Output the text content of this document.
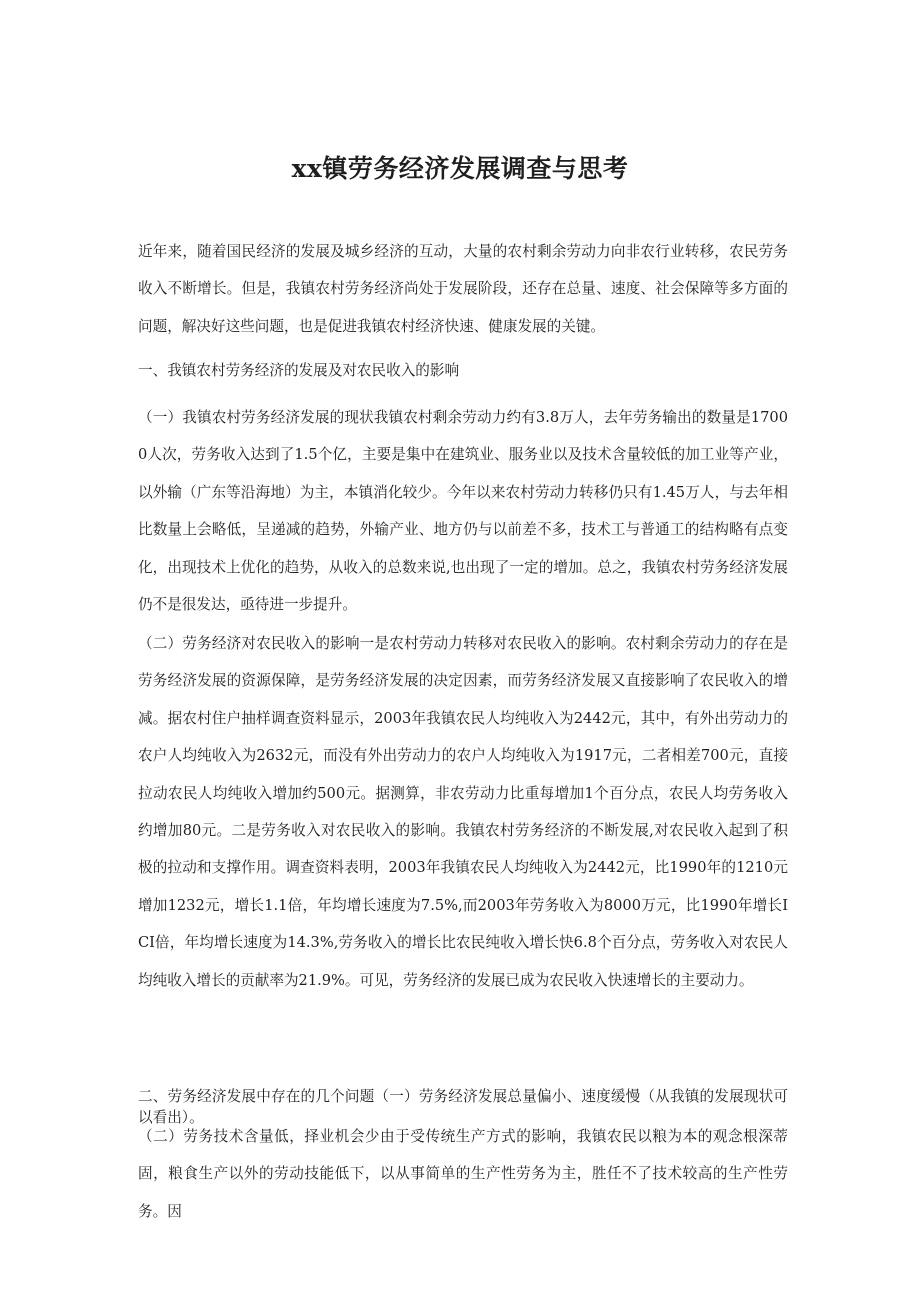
xx镇劳务经济发展调查与思考

近年来，随着国民经济的发展及城乡经济的互动，大量的农村剩余劳动力向非农行业转移，农民劳务收入不断增长。但是，我镇农村劳务经济尚处于发展阶段，还存在总量、速度、社会保障等多方面的问题，解决好这些问题，也是促进我镇农村经济快速、健康发展的关键。

一、我镇农村劳务经济的发展及对农民收入的影响

（一）我镇农村劳务经济发展的现状我镇农村剩余劳动力约有3.8万人，去年劳务输出的数量是17000人次，劳务收入达到了1.5个亿，主要是集中在建筑业、服务业以及技术含量较低的加工业等产业，以外输（广东等沿海地）为主，本镇消化较少。今年以来农村劳动力转移仍只有1.45万人，与去年相比数量上会略低，呈递减的趋势，外输产业、地方仍与以前差不多，技术工与普通工的结构略有点变化，出现技术上优化的趋势，从收入的总数来说,也出现了一定的增加。总之，我镇农村劳务经济发展仍不是很发达，亟待进一步提升。

（二）劳务经济对农民收入的影响一是农村劳动力转移对农民收入的影响。农村剩余劳动力的存在是劳务经济发展的资源保障，是劳务经济发展的决定因素，而劳务经济发展又直接影响了农民收入的增减。据农村住户抽样调查资料显示，2003年我镇农民人均纯收入为2442元，其中，有外出劳动力的农户人均纯收入为2632元，而没有外出劳动力的农户人均纯收入为1917元，二者相差700元，直接拉动农民人均纯收入增加约500元。据测算，非农劳动力比重每增加1个百分点，农民人均劳务收入约增加80元。二是劳务收入对农民收入的影响。我镇农村劳务经济的不断发展,对农民收入起到了积极的拉动和支撑作用。调查资料表明，2003年我镇农民人均纯收入为2442元，比1990年的1210元增加1232元，增长1.1倍，年均增长速度为7.5%,而2003年劳务收入为8000万元，比1990年增长ICI倍，年均增长速度为14.3%,劳务收入的增长比农民纯收入增长快6.8个百分点，劳务收入对农民人均纯收入增长的贡献率为21.9%。可见，劳务经济的发展已成为农民收入快速增长的主要动力。

二、劳务经济发展中存在的几个问题（一）劳务经济发展总量偏小、速度缓慢（从我镇的发展现状可以看出）。

（二）劳务技术含量低，择业机会少由于受传统生产方式的影响，我镇农民以粮为本的观念根深蒂固，粮食生产以外的劳动技能低下，以从事简单的生产性劳务为主，胜任不了技术较高的生产性劳务。因
